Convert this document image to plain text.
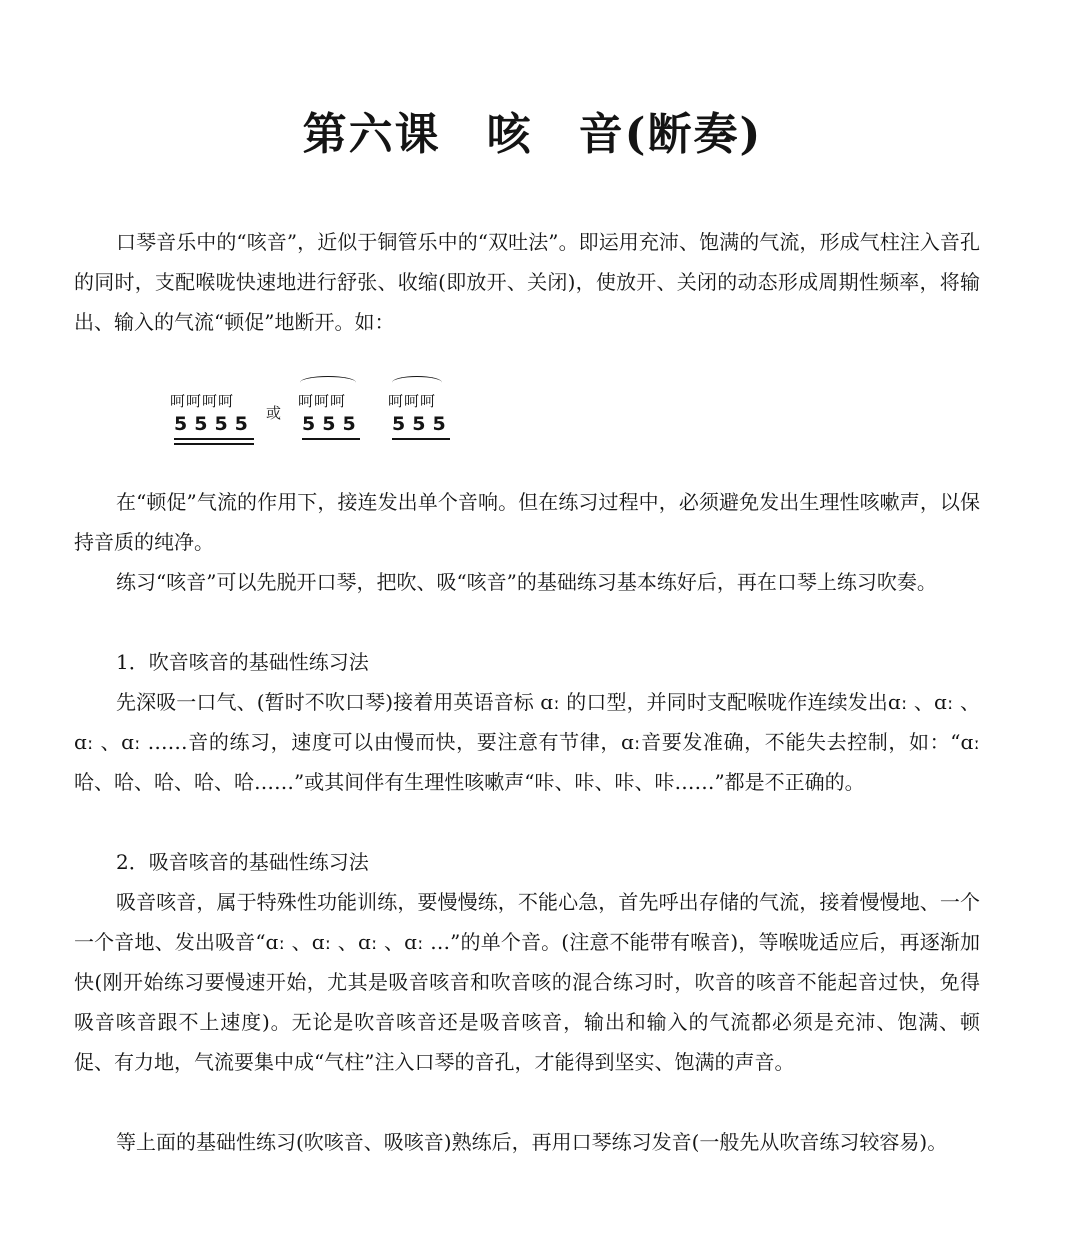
第六课　咳　音(断奏)

口琴音乐中的“咳音”，近似于铜管乐中的“双吐法”。即运用充沛、饱满的气流，形成气柱注入音孔的同时，支配喉咙快速地进行舒张、收缩(即放开、关闭)，使放开、关闭的动态形成周期性频率，将输出、输入的气流“顿促”地断开。如：

呵呵呵呵
5555 或
呵呵呵
555
呵呵呵
555

在“顿促”气流的作用下，接连发出单个音响。但在练习过程中，必须避免发出生理性咳嗽声，以保持音质的纯净。

练习“咳音”可以先脱开口琴，把吹、吸“咳音”的基础练习基本练好后，再在口琴上练习吹奏。

1．吹音咳音的基础性练习法

先深吸一口气、(暂时不吹口琴)接着用英语音标 ɑː 的口型，并同时支配喉咙作连续发出ɑː 、ɑː 、ɑː 、ɑː ……音的练习，速度可以由慢而快，要注意有节律，ɑː音要发准确，不能失去控制，如：“ɑː 哈、哈、哈、哈、哈……”或其间伴有生理性咳嗽声“咔、咔、咔、咔……”都是不正确的。

2．吸音咳音的基础性练习法

吸音咳音，属于特殊性功能训练，要慢慢练，不能心急，首先呼出存储的气流，接着慢慢地、一个一个音地、发出吸音“ɑː 、ɑː 、ɑː 、ɑː …”的单个音。(注意不能带有喉音)，等喉咙适应后，再逐渐加快(刚开始练习要慢速开始，尤其是吸音咳音和吹音咳的混合练习时，吹音的咳音不能起音过快，免得吸音咳音跟不上速度)。无论是吹音咳音还是吸音咳音，输出和输入的气流都必须是充沛、饱满、顿促、有力地，气流要集中成“气柱”注入口琴的音孔，才能得到坚实、饱满的声音。

等上面的基础性练习(吹咳音、吸咳音)熟练后，再用口琴练习发音(一般先从吹音练习较容易)。
